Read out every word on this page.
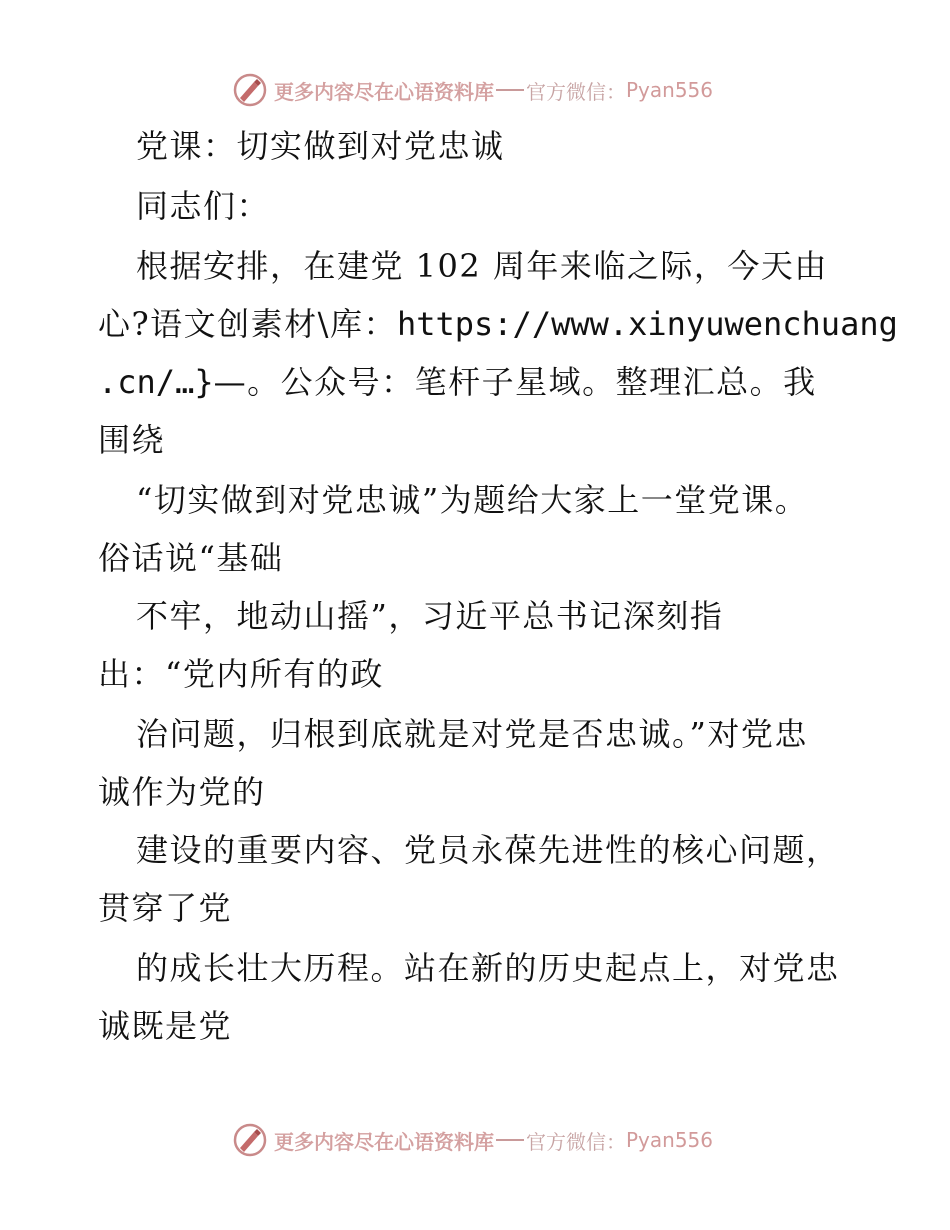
更多内容尽在心语资料库 官方微信： Pyan556
党课：切实做到对党忠诚
同志们：
根据安排，在建党 102 周年来临之际，今天由
心?语文创素材\库：https://www.xinyuwenchuang
.cn/…}—。公众号：笔杆子星域。整理汇总。我
围绕
“切实做到对党忠诚”为题给大家上一堂党课。
俗话说“基础
不牢，地动山摇”，习近平总书记深刻指
出：“党内所有的政
治问题，归根到底就是对党是否忠诚。”对党忠
诚作为党的
建设的重要内容、党员永葆先进性的核心问题，
贯穿了党
的成长壮大历程。站在新的历史起点上，对党忠
诚既是党
更多内容尽在心语资料库 官方微信： Pyan556
